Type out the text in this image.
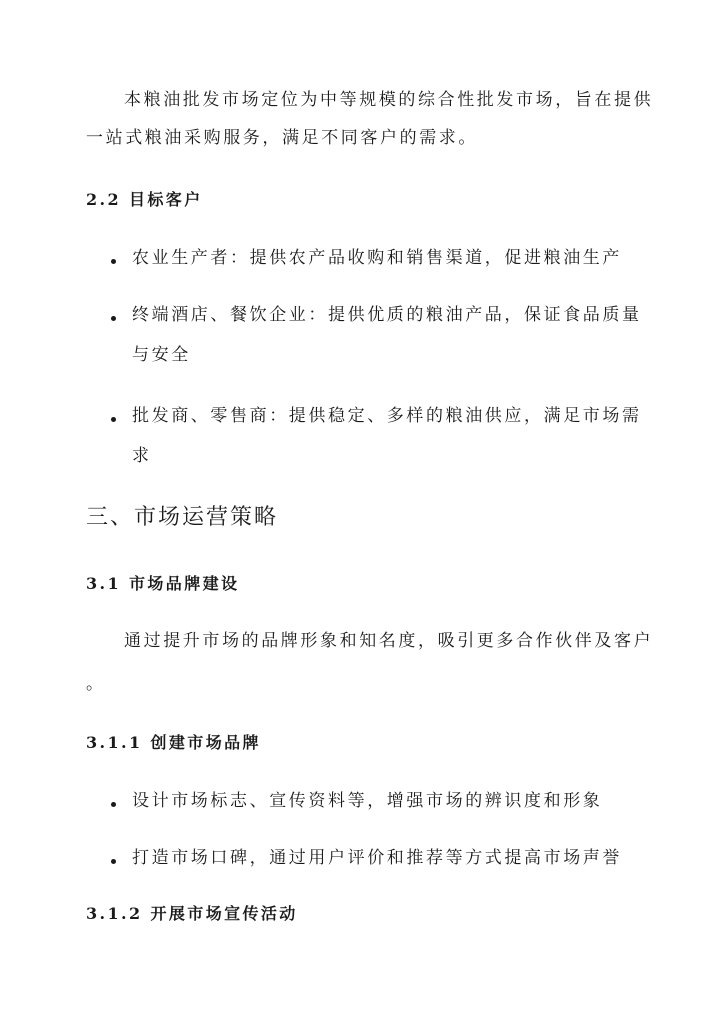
本粮油批发市场定位为中等规模的综合性批发市场，旨在提供
一站式粮油采购服务，满足不同客户的需求。
2.2 目标客户
农业生产者：提供农产品收购和销售渠道，促进粮油生产
终端酒店、餐饮企业：提供优质的粮油产品，保证食品质量
与安全
批发商、零售商：提供稳定、多样的粮油供应，满足市场需
求
三、市场运营策略
3.1 市场品牌建设
通过提升市场的品牌形象和知名度，吸引更多合作伙伴及客户
。
3.1.1 创建市场品牌
设计市场标志、宣传资料等，增强市场的辨识度和形象
打造市场口碑，通过用户评价和推荐等方式提高市场声誉
3.1.2 开展市场宣传活动
